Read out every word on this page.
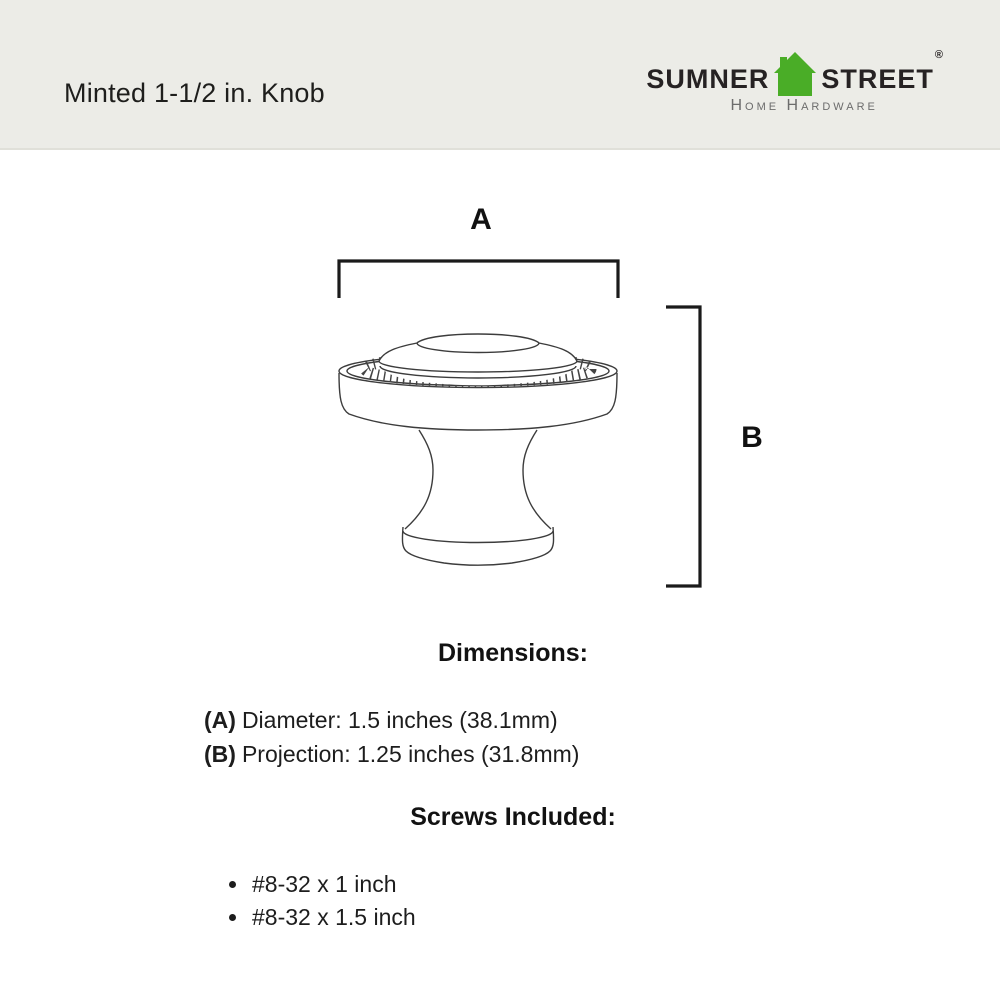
Minted 1-1/2 in. Knob	SUMNER STREET
®
Home Hardware
A
B
Dimensions:
(A) Diameter: 1.5 inches (38.1mm)
(B) Projection: 1.25 inches (31.8mm)
Screws Included:
• #8-32 x 1 inch
• #8-32 x 1.5 inch
